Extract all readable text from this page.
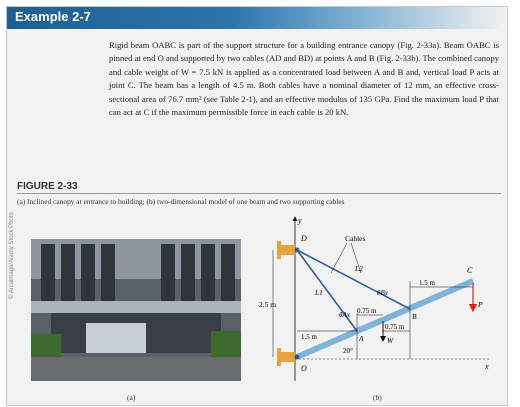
Example 2-7
Rigid beam OABC is part of the support structure for a building entrance canopy (Fig. 2-33a). Beam OABC is pinned at end O and supported by two cables (AD and BD) at points A and B (Fig. 2-33b). The combined canopy and cable weight of W = 7.5 kN is applied as a concentrated load between A and B and, vertical load P acts at joint C. The beam has a length of 4.5 m. Both cables have a nominal diameter of 12 mm, an effective cross-sectional area of 76.7 mm² (see Table 2-1), and an effective modulus of 135 GPa. Find the maximum load P that can act at C if the maximum permissible force in each cable is 20 kN.
FIGURE 2-33
(a) Inclined canopy at entrance to building; (b) two-dimensional model of one beam and two supporting cables
© Arcaimage/Alamy Stock Photo
(a)	(b)
y
x
2.5 m
D
O
A
B
C
Cables
L1
L2
1.5 m
0.75 m
0.75 m
1.5 m
θBx
θAx
20°
W
P
